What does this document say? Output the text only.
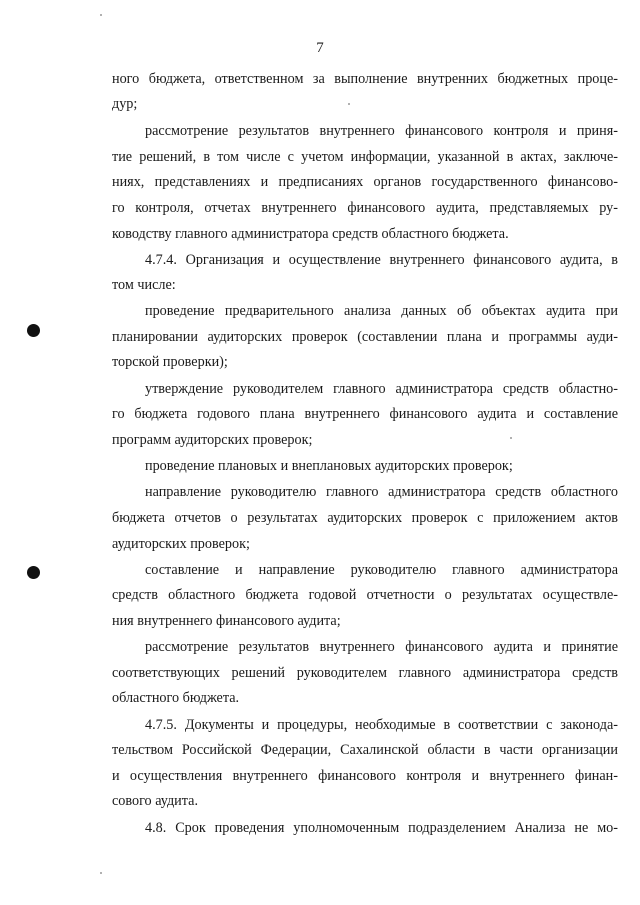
7
ного бюджета, ответственном за выполнение внутренних бюджетных проце-
дур;
рассмотрение результатов внутреннего финансового контроля и приня-
тие решений, в том числе с учетом информации, указанной в актах, заключе-
ниях, представлениях и предписаниях органов государственного финансово-
го контроля, отчетах внутреннего финансового аудита, представляемых ру-
ководству главного администратора средств областного бюджета.
4.7.4. Организация и осуществление внутреннего финансового аудита, в
том числе:
проведение предварительного анализа данных об объектах аудита при
планировании аудиторских проверок (составлении плана и программы ауди-
торской проверки);
утверждение руководителем главного администратора средств областно-
го бюджета годового плана внутреннего финансового аудита и составление
программ аудиторских проверок;
проведение плановых и внеплановых аудиторских проверок;
направление руководителю главного администратора средств областного
бюджета отчетов о результатах аудиторских проверок с приложением актов
аудиторских проверок;
составление и направление руководителю главного администратора
средств областного бюджета годовой отчетности о результатах осуществле-
ния внутреннего финансового аудита;
рассмотрение результатов внутреннего финансового аудита и принятие
соответствующих решений руководителем главного администратора средств
областного бюджета.
4.7.5. Документы и процедуры, необходимые в соответствии с законода-
тельством Российской Федерации, Сахалинской области в части организации
и осуществления внутреннего финансового контроля и внутреннего финан-
сового аудита.
4.8. Срок проведения уполномоченным подразделением Анализа не мо-
